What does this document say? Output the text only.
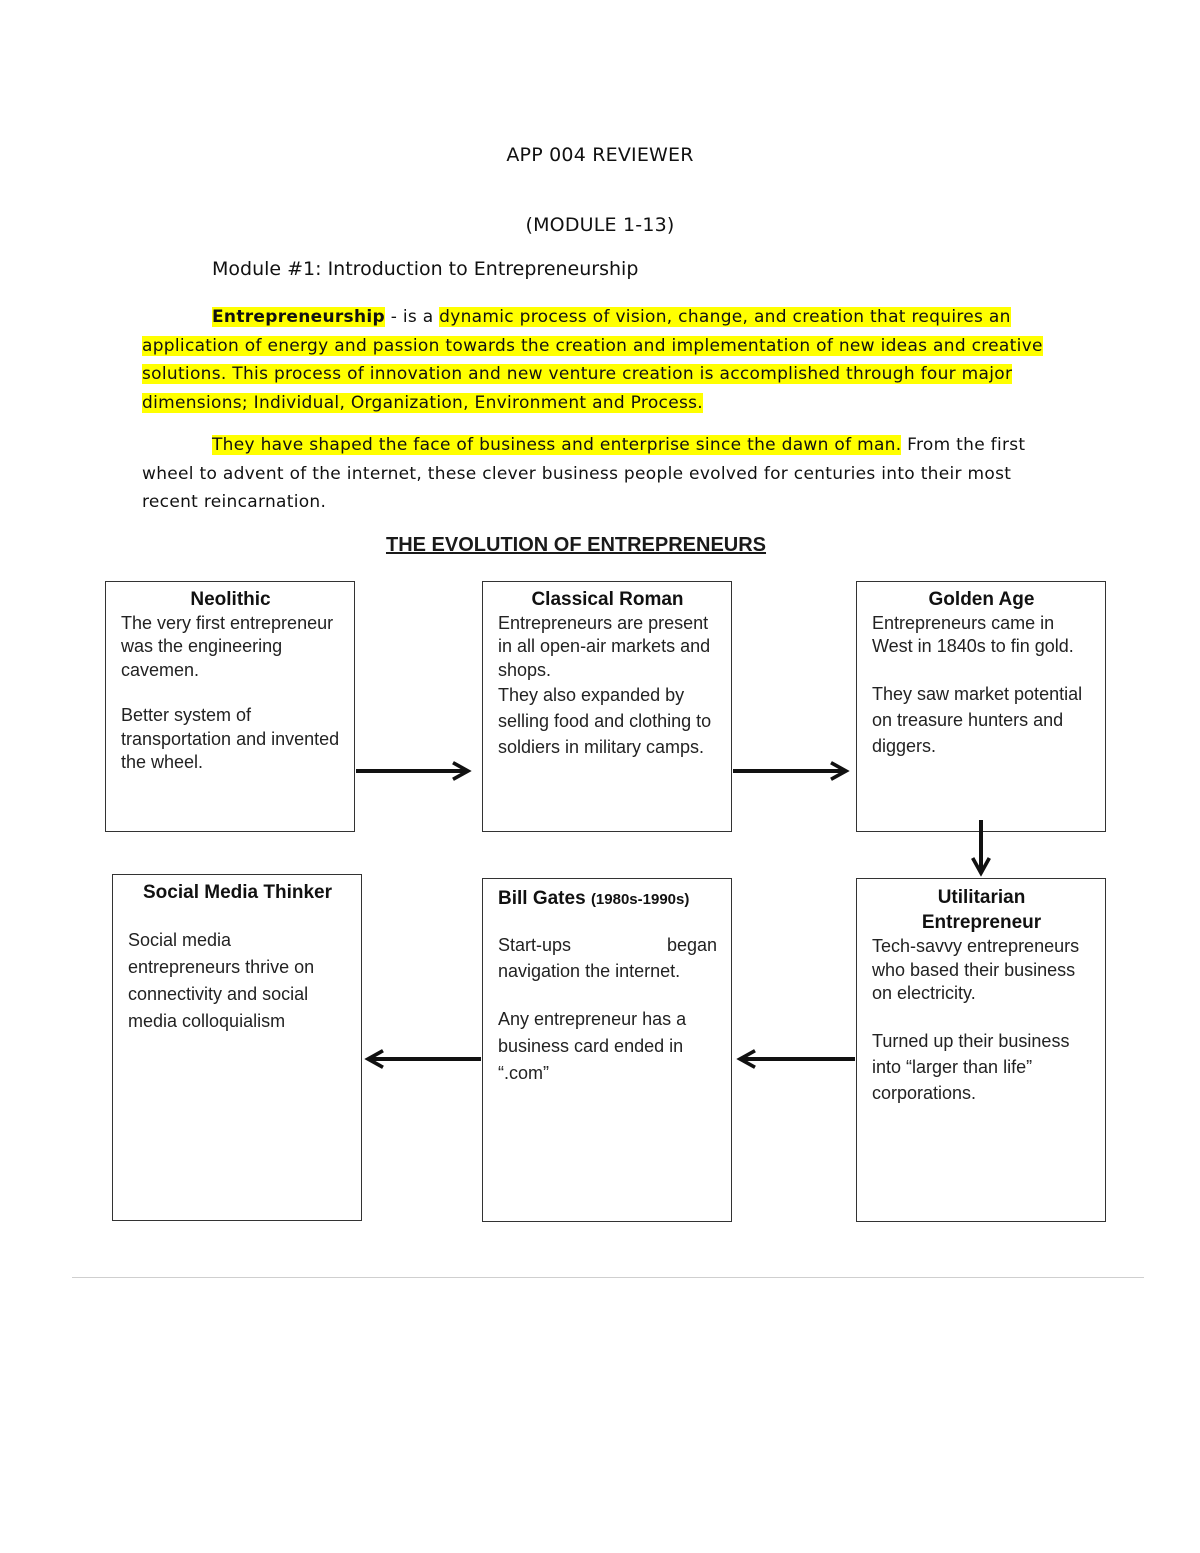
APP 004 REVIEWER
(MODULE 1-13)
Module #1: Introduction to Entrepreneurship
Entrepreneurship - is a dynamic process of vision, change, and creation that requires an application of energy and passion towards the creation and implementation of new ideas and creative solutions. This process of innovation and new venture creation is accomplished through four major dimensions; Individual, Organization, Environment and Process.
They have shaped the face of business and enterprise since the dawn of man. From the first wheel to advent of the internet, these clever business people evolved for centuries into their most recent reincarnation.
THE EVOLUTION OF ENTREPRENEURS
Neolithic

The very first entrepreneur was the engineering cavemen.

Better system of transportation and invented the wheel.

Classical Roman

Entrepreneurs are present in all open-air markets and shops.

They also expanded by selling food and clothing to soldiers in military camps.

Golden Age

Entrepreneurs came in West in 1840s to fin gold.

They saw market potential on treasure hunters and diggers.

Utilitarian Entrepreneur

Tech-savvy entrepreneurs who based their business on electricity.

Turned up their business into “larger than life” corporations.

Bill Gates (1980s-1990s)
Start-ups	began

navigation the internet.

Any entrepreneur has a business card ended in “.com”

Social Media Thinker

Social media entrepreneurs thrive on connectivity and social media colloquialism
